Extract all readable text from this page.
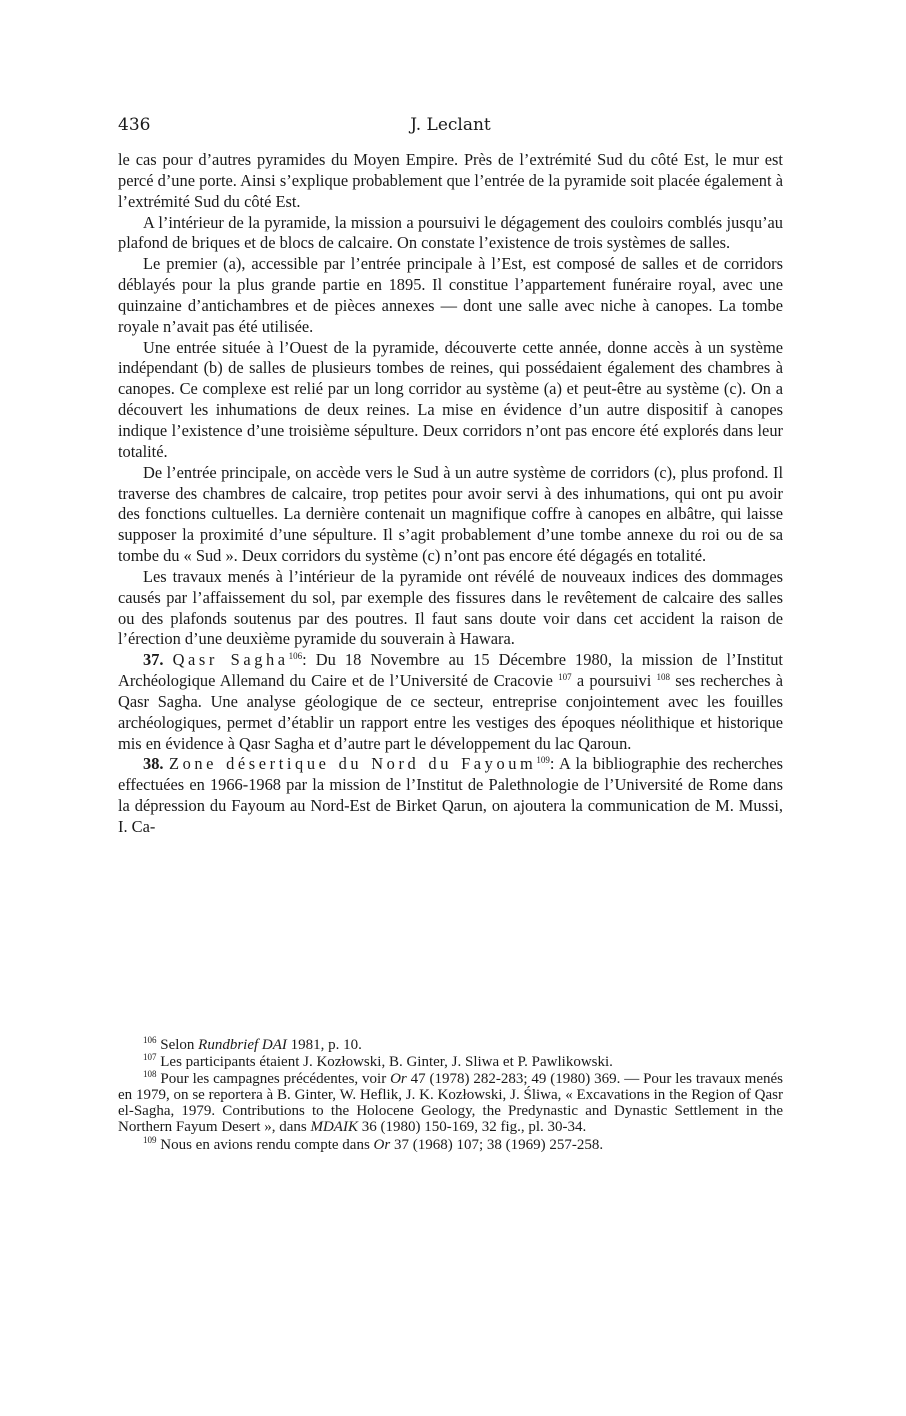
436	J. Leclant

le cas pour d’autres pyramides du Moyen Empire. Près de l’extrémité Sud du côté Est, le mur est percé d’une porte. Ainsi s’explique probablement que l’entrée de la pyramide soit placée également à l’extrémité Sud du côté Est.

A l’intérieur de la pyramide, la mission a poursuivi le dégagement des couloirs comblés jusqu’au plafond de briques et de blocs de calcaire. On constate l’existence de trois systèmes de salles.

Le premier (a), accessible par l’entrée principale à l’Est, est composé de salles et de corridors déblayés pour la plus grande partie en 1895. Il constitue l’appartement funéraire royal, avec une quinzaine d’antichambres et de pièces annexes — dont une salle avec niche à canopes. La tombe royale n’avait pas été utilisée.

Une entrée située à l’Ouest de la pyramide, découverte cette année, donne accès à un système indépendant (b) de salles de plusieurs tombes de reines, qui possédaient également des chambres à canopes. Ce complexe est relié par un long corridor au système (a) et peut-être au système (c). On a découvert les inhumations de deux reines. La mise en évidence d’un autre dispositif à canopes indique l’existence d’une troisième sépulture. Deux corridors n’ont pas encore été explorés dans leur totalité.

De l’entrée principale, on accède vers le Sud à un autre système de corridors (c), plus profond. Il traverse des chambres de calcaire, trop petites pour avoir servi à des inhumations, qui ont pu avoir des fonctions cultuelles. La dernière contenait un magnifique coffre à canopes en albâtre, qui laisse supposer la proximité d’une sépulture. Il s’agit probablement d’une tombe annexe du roi ou de sa tombe du « Sud ». Deux corridors du système (c) n’ont pas encore été dégagés en totalité.

Les travaux menés à l’intérieur de la pyramide ont révélé de nouveaux indices des dommages causés par l’affaissement du sol, par exemple des fissures dans le revêtement de calcaire des salles ou des plafonds soutenus par des poutres. Il faut sans doute voir dans cet accident la raison de l’érection d’une deuxième pyramide du souverain à Hawara.

37. Qasr Sagha$^{106}$: Du 18 Novembre au 15 Décembre 1980, la mission de l’Institut Archéologique Allemand du Caire et de l’Université de Cracovie $^{107}$ a poursuivi $^{108}$ ses recherches à Qasr Sagha. Une analyse géologique de ce secteur, entreprise conjointement avec les fouilles archéologiques, permet d’établir un rapport entre les vestiges des époques néolithique et historique mis en évidence à Qasr Sagha et d’autre part le développement du lac Qaroun.

38. Zone désertique du Nord du Fayoum$^{109}$: A la bibliographie des recherches effectuées en 1966-1968 par la mission de l’Institut de Palethnologie de l’Université de Rome dans la dépression du Fayoum au Nord-Est de Birket Qarun, on ajoutera la communication de M. Mussi, I. Ca-

$^{106}$ Selon Rundbrief DAI 1981, p. 10.

$^{107}$ Les participants étaient J. Kozłowski, B. Ginter, J. Sliwa et P. Pawlikowski.

$^{108}$ Pour les campagnes précédentes, voir Or 47 (1978) 282-283; 49 (1980) 369. — Pour les travaux menés en 1979, on se reportera à B. Ginter, W. Heflik, J. K. Kozłowski, J. Śliwa, « Excavations in the Region of Qasr el-Sagha, 1979. Contributions to the Holocene Geology, the Predynastic and Dynastic Settlement in the Northern Fayum Desert », dans MDAIK 36 (1980) 150-169, 32 fig., pl. 30-34.

$^{109}$ Nous en avions rendu compte dans Or 37 (1968) 107; 38 (1969) 257-258.
